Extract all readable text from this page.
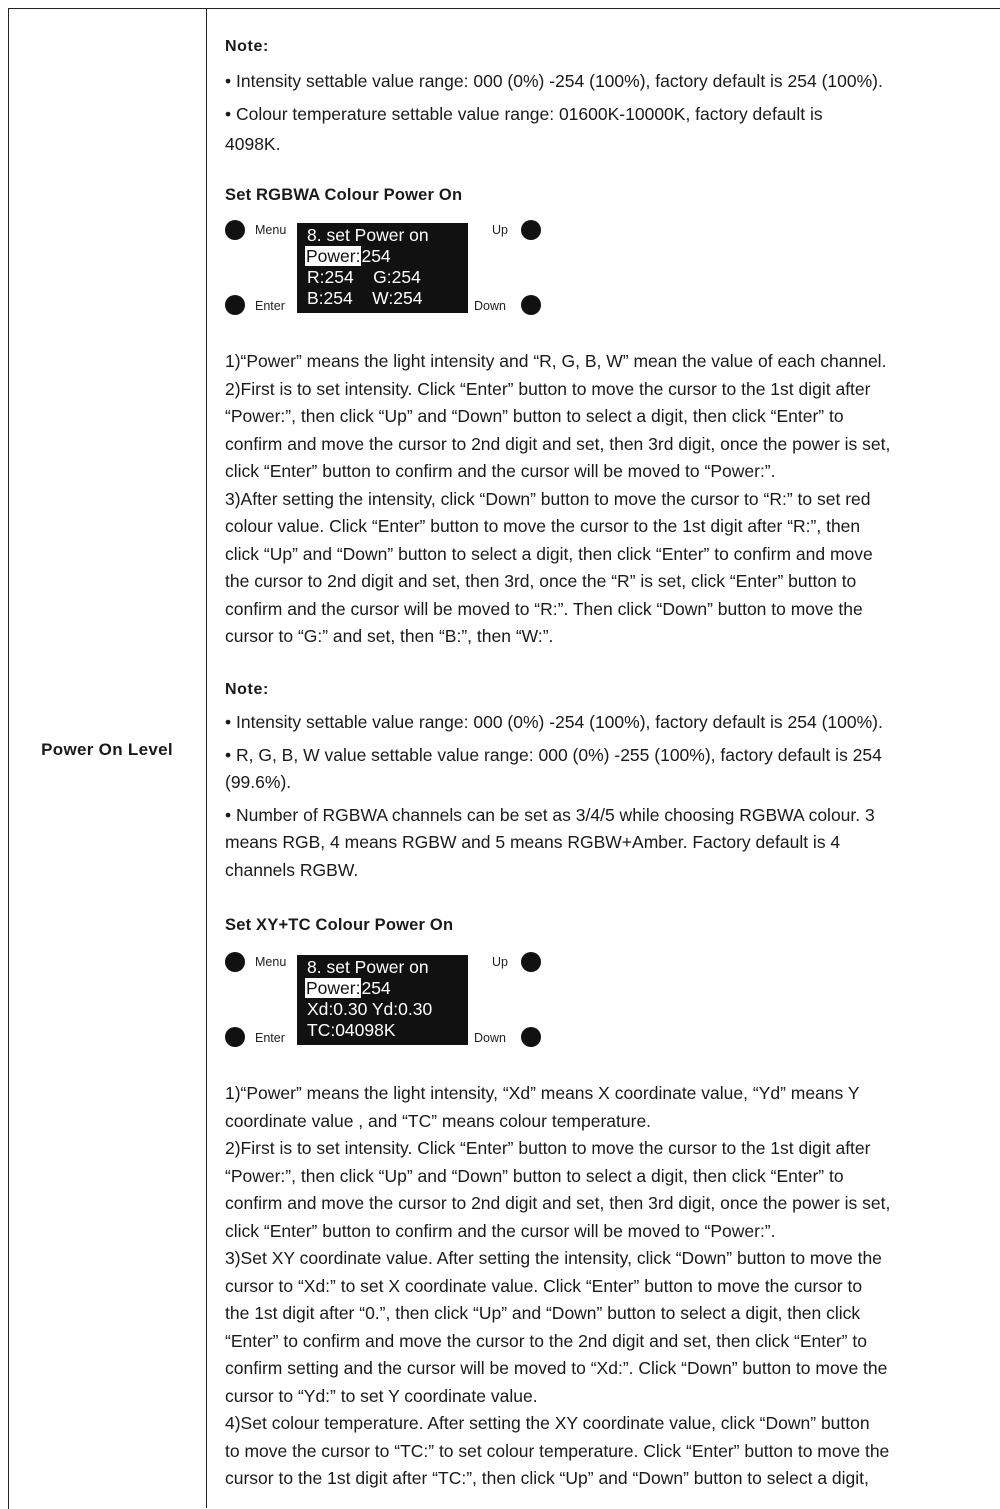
Power On Level
Note:
• Intensity settable value range: 000 (0%) -254 (100%), factory default is 254 (100%).
• Colour temperature settable value range: 01600K-10000K, factory default is
4098K.
Set RGBWA Colour Power On
Menu	Up
Enter	Down
8. set Power on
Power:254
R:254    G:254
B:254    W:254
1)“Power” means the light intensity and “R, G, B, W” mean the value of each channel.
2)First is to set intensity. Click “Enter” button to move the cursor to the 1st digit after
“Power:”, then click “Up” and “Down” button to select a digit, then click “Enter” to
confirm and move the cursor to 2nd digit and set, then 3rd digit, once the power is set,
click “Enter” button to confirm and the cursor will be moved to “Power:”.
3)After setting the intensity, click “Down” button to move the cursor to “R:” to set red
colour value. Click “Enter” button to move the cursor to the 1st digit after “R:”, then
click “Up” and “Down” button to select a digit, then click “Enter” to confirm and move
the cursor to 2nd digit and set, then 3rd, once the “R” is set, click “Enter” button to
confirm and the cursor will be moved to “R:”. Then click “Down” button to move the
cursor to “G:” and set, then “B:”, then “W:”.
Note:
• Intensity settable value range: 000 (0%) -254 (100%), factory default is 254 (100%).
• R, G, B, W value settable value range: 000 (0%) -255 (100%), factory default is 254
(99.6%).
• Number of RGBWA channels can be set as 3/4/5 while choosing RGBWA colour. 3
means RGB, 4 means RGBW and 5 means RGBW+Amber. Factory default is 4
channels RGBW.
Set XY+TC Colour Power On
Menu	Up
Enter	Down
8. set Power on
Power:254
Xd:0.30 Yd:0.30
TC:04098K
1)“Power” means the light intensity, “Xd” means X coordinate value, “Yd” means Y
coordinate value , and “TC” means colour temperature.
2)First is to set intensity. Click “Enter” button to move the cursor to the 1st digit after
“Power:”, then click “Up” and “Down” button to select a digit, then click “Enter” to
confirm and move the cursor to 2nd digit and set, then 3rd digit, once the power is set,
click “Enter” button to confirm and the cursor will be moved to “Power:”.
3)Set XY coordinate value. After setting the intensity, click “Down” button to move the
cursor to “Xd:” to set X coordinate value. Click “Enter” button to move the cursor to
the 1st digit after “0.”, then click “Up” and “Down” button to select a digit, then click
“Enter” to confirm and move the cursor to the 2nd digit and set, then click “Enter” to
confirm setting and the cursor will be moved to “Xd:”. Click “Down” button to move the
cursor to “Yd:” to set Y coordinate value.
4)Set colour temperature. After setting the XY coordinate value, click “Down” button
to move the cursor to “TC:” to set colour temperature. Click “Enter” button to move the
cursor to the 1st digit after “TC:”, then click “Up” and “Down” button to select a digit,
